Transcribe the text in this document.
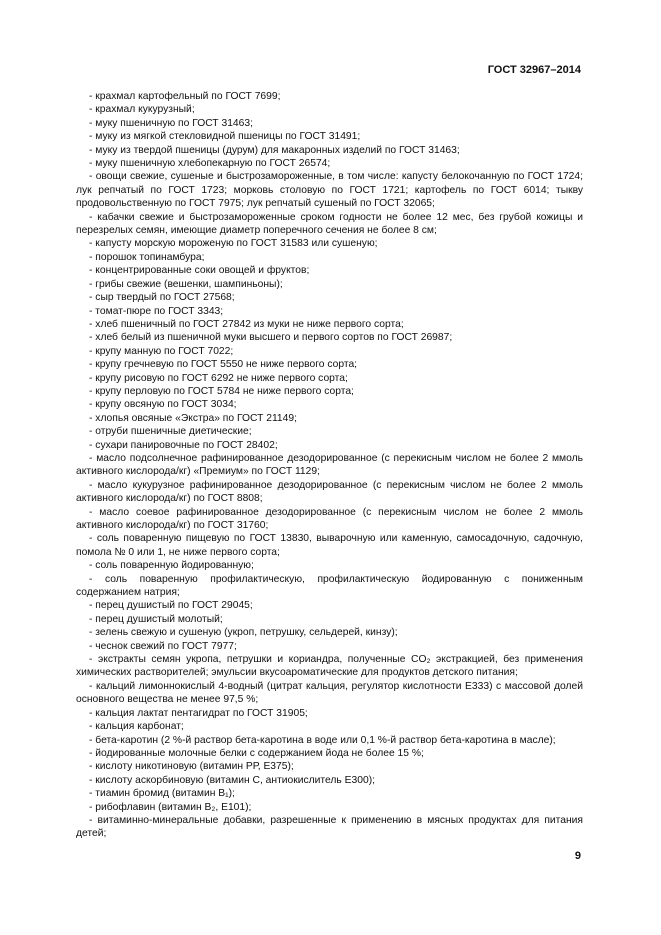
ГОСТ 32967–2014

- крахмал картофельный по ГОСТ 7699;

- крахмал кукурузный;

- муку пшеничную по ГОСТ 31463;

- муку из мягкой стекловидной пшеницы по ГОСТ 31491;

- муку из твердой пшеницы (дурум) для макаронных изделий по ГОСТ 31463;

- муку пшеничную хлебопекарную по ГОСТ 26574;

- овощи свежие, сушеные и быстрозамороженные, в том числе: капусту белокочанную по ГОСТ 1724; лук репчатый по ГОСТ 1723; морковь столовую по ГОСТ 1721; картофель по ГОСТ 6014; тыкву продовольственную по ГОСТ 7975; лук репчатый сушеный по ГОСТ 32065;

- кабачки свежие и быстрозамороженные сроком годности не более 12 мес, без грубой кожицы и перезрелых семян, имеющие диаметр поперечного сечения не более 8 см;

- капусту морскую мороженую по ГОСТ 31583 или сушеную;

- порошок топинамбура;

- концентрированные соки овощей и фруктов;

- грибы свежие (вешенки, шампиньоны);

- сыр твердый по ГОСТ 27568;

- томат-пюре по ГОСТ 3343;

- хлеб пшеничный по ГОСТ 27842 из муки не ниже первого сорта;

- хлеб белый из пшеничной муки высшего и первого сортов по ГОСТ 26987;

- крупу манную по ГОСТ 7022;

- крупу гречневую по ГОСТ 5550 не ниже первого сорта;

- крупу рисовую по ГОСТ 6292 не ниже первого сорта;

- крупу перловую по ГОСТ 5784 не ниже первого сорта;

- крупу овсяную по ГОСТ 3034;

- хлопья овсяные «Экстра» по ГОСТ 21149;

- отруби пшеничные диетические;

- сухари панировочные по ГОСТ 28402;

- масло подсолнечное рафинированное дезодорированное (с перекисным числом не более 2 ммоль активного кислорода/кг) «Премиум» по ГОСТ 1129;

- масло кукурузное рафинированное дезодорированное (с перекисным числом не более 2 ммоль активного кислорода/кг) по ГОСТ 8808;

- масло соевое рафинированное дезодорированное (с перекисным числом не более 2 ммоль активного кислорода/кг) по ГОСТ 31760;

- соль поваренную пищевую по ГОСТ 13830, выварочную или каменную, самосадочную, садочную, помола № 0 или 1, не ниже первого сорта;

- соль поваренную йодированную;

- соль поваренную профилактическую, профилактическую йодированную с пониженным содержанием натрия;

- перец душистый по ГОСТ 29045;

- перец душистый молотый;

- зелень свежую и сушеную (укроп, петрушку, сельдерей, кинзу);

- чеснок свежий по ГОСТ 7977;

- экстракты семян укропа, петрушки и кориандра, полученные CO₂ экстракцией, без применения химических растворителей; эмульсии вкусоароматические для продуктов детского питания;

- кальций лимоннокислый 4-водный (цитрат кальция, регулятор кислотности Е333) с массовой долей основного вещества не менее 97,5 %;

- кальция лактат пентагидрат по ГОСТ 31905;

- кальция карбонат;

- бета-каротин (2 %-й раствор бета-каротина в воде или 0,1 %-й раствор бета-каротина в масле);

- йодированные молочные белки с содержанием йода не более 15 %;

- кислоту никотиновую (витамин РР, Е375);

- кислоту аскорбиновую (витамин С, антиокислитель Е300);

- тиамин бромид (витамин B₁);

- рибофлавин (витамин B₂, Е101);

- витаминно-минеральные добавки, разрешенные к применению в мясных продуктах для питания детей;

9
